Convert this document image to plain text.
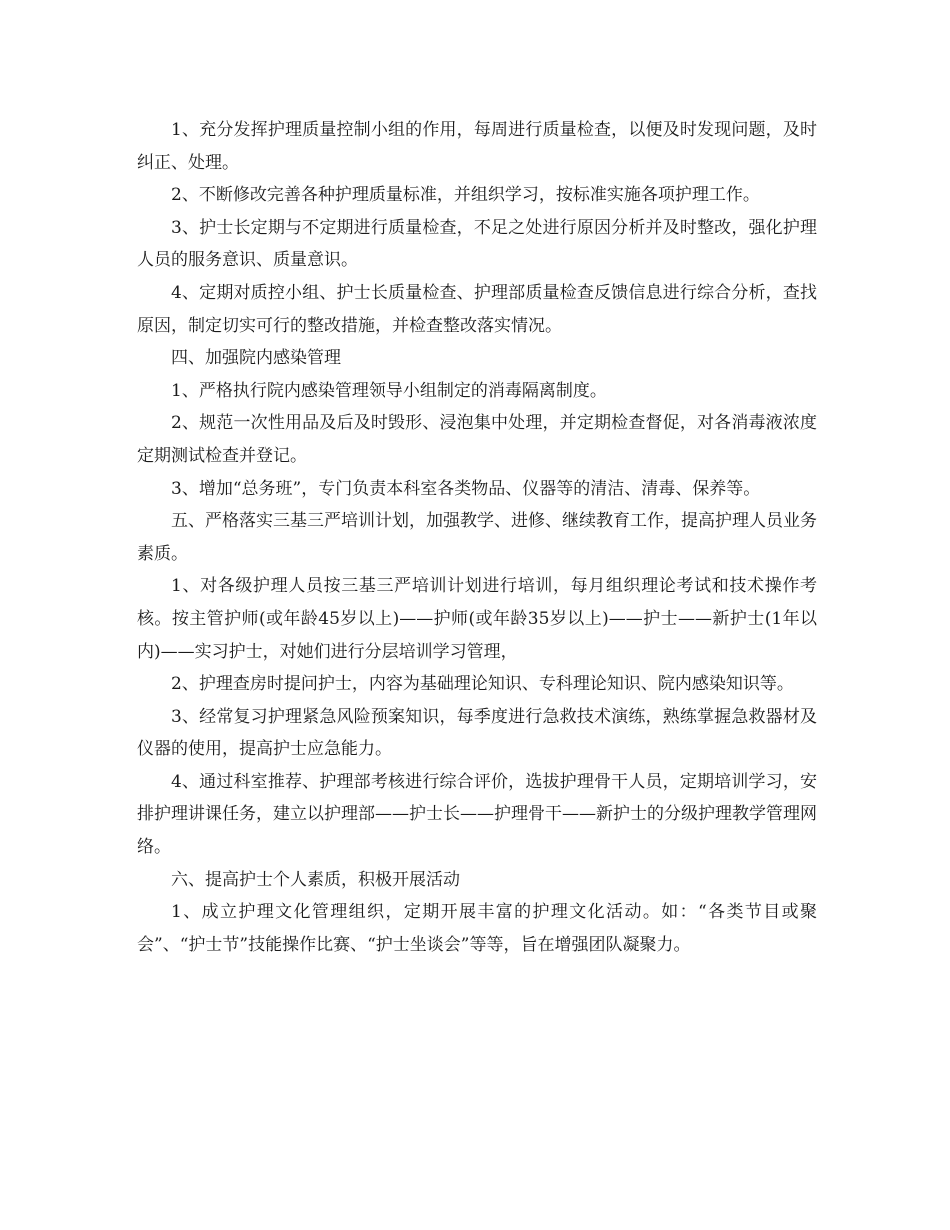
1、充分发挥护理质量控制小组的作用，每周进行质量检查，以便及时发现问题，及时纠正、处理。

2、不断修改完善各种护理质量标准，并组织学习，按标准实施各项护理工作。

3、护士长定期与不定期进行质量检查，不足之处进行原因分析并及时整改，强化护理人员的服务意识、质量意识。

4、定期对质控小组、护士长质量检查、护理部质量检查反馈信息进行综合分析，查找原因，制定切实可行的整改措施，并检查整改落实情况。

四、加强院内感染管理

1、严格执行院内感染管理领导小组制定的消毒隔离制度。

2、规范一次性用品及后及时毁形、浸泡集中处理，并定期检查督促，对各消毒液浓度定期测试检查并登记。

3、增加“总务班”，专门负责本科室各类物品、仪器等的清洁、清毒、保养等。

五、严格落实三基三严培训计划，加强教学、进修、继续教育工作，提高护理人员业务素质。

1、对各级护理人员按三基三严培训计划进行培训，每月组织理论考试和技术操作考核。按主管护师(或年龄45岁以上)——护师(或年龄35岁以上)——护士——新护士(1年以内)——实习护士，对她们进行分层培训学习管理，

2、护理查房时提问护士，内容为基础理论知识、专科理论知识、院内感染知识等。

3、经常复习护理紧急风险预案知识，每季度进行急救技术演练，熟练掌握急救器材及仪器的使用，提高护士应急能力。

4、通过科室推荐、护理部考核进行综合评价，选拔护理骨干人员，定期培训学习，安排护理讲课任务，建立以护理部——护士长——护理骨干——新护士的分级护理教学管理网络。

六、提高护士个人素质，积极开展活动

1、成立护理文化管理组织，定期开展丰富的护理文化活动。如：“各类节目或聚会”、“护士节”技能操作比赛、“护士坐谈会”等等，旨在增强团队凝聚力。
